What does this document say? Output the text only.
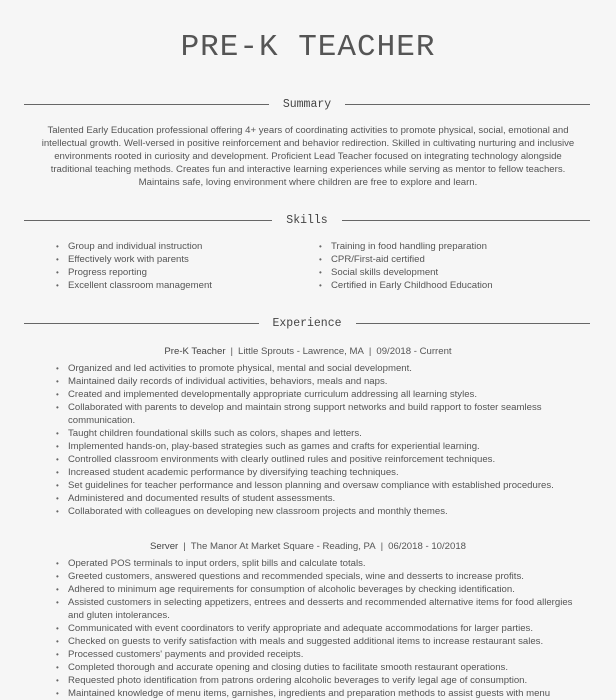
PRE-K TEACHER
Summary
Talented Early Education professional offering 4+ years of coordinating activities to promote physical, social, emotional and intellectual growth. Well-versed in positive reinforcement and behavior redirection. Skilled in cultivating nurturing and inclusive environments rooted in curiosity and development. Proficient Lead Teacher focused on integrating technology alongside traditional teaching methods. Creates fun and interactive learning experiences while serving as mentor to fellow teachers. Maintains safe, loving environment where children are free to explore and learn.
Skills
• Group and individual instruction
• Effectively work with parents
• Progress reporting
• Excellent classroom management
• Training in food handling preparation
• CPR/First-aid certified
• Social skills development
• Certified in Early Childhood Education
Experience
Pre-K Teacher | Little Sprouts - Lawrence, MA | 09/2018 - Current
• Organized and led activities to promote physical, mental and social development.
• Maintained daily records of individual activities, behaviors, meals and naps.
• Created and implemented developmentally appropriate curriculum addressing all learning styles.
• Collaborated with parents to develop and maintain strong support networks and build rapport to foster seamless communication.
• Taught children foundational skills such as colors, shapes and letters.
• Implemented hands-on, play-based strategies such as games and crafts for experiential learning.
• Controlled classroom environments with clearly outlined rules and positive reinforcement techniques.
• Increased student academic performance by diversifying teaching techniques.
• Set guidelines for teacher performance and lesson planning and oversaw compliance with established procedures.
• Administered and documented results of student assessments.
• Collaborated with colleagues on developing new classroom projects and monthly themes.
Server | The Manor At Market Square - Reading, PA | 06/2018 - 10/2018
• Operated POS terminals to input orders, split bills and calculate totals.
• Greeted customers, answered questions and recommended specials, wine and desserts to increase profits.
• Adhered to minimum age requirements for consumption of alcoholic beverages by checking identification.
• Assisted customers in selecting appetizers, entrees and desserts and recommended alternative items for food allergies and gluten intolerances.
• Communicated with event coordinators to verify appropriate and adequate accommodations for larger parties.
• Checked on guests to verify satisfaction with meals and suggested additional items to increase restaurant sales.
• Processed customers' payments and provided receipts.
• Completed thorough and accurate opening and closing duties to facilitate smooth restaurant operations.
• Requested photo identification from patrons ordering alcoholic beverages to verify legal age of consumption.
• Maintained knowledge of menu items, garnishes, ingredients and preparation methods to assist guests with menu
